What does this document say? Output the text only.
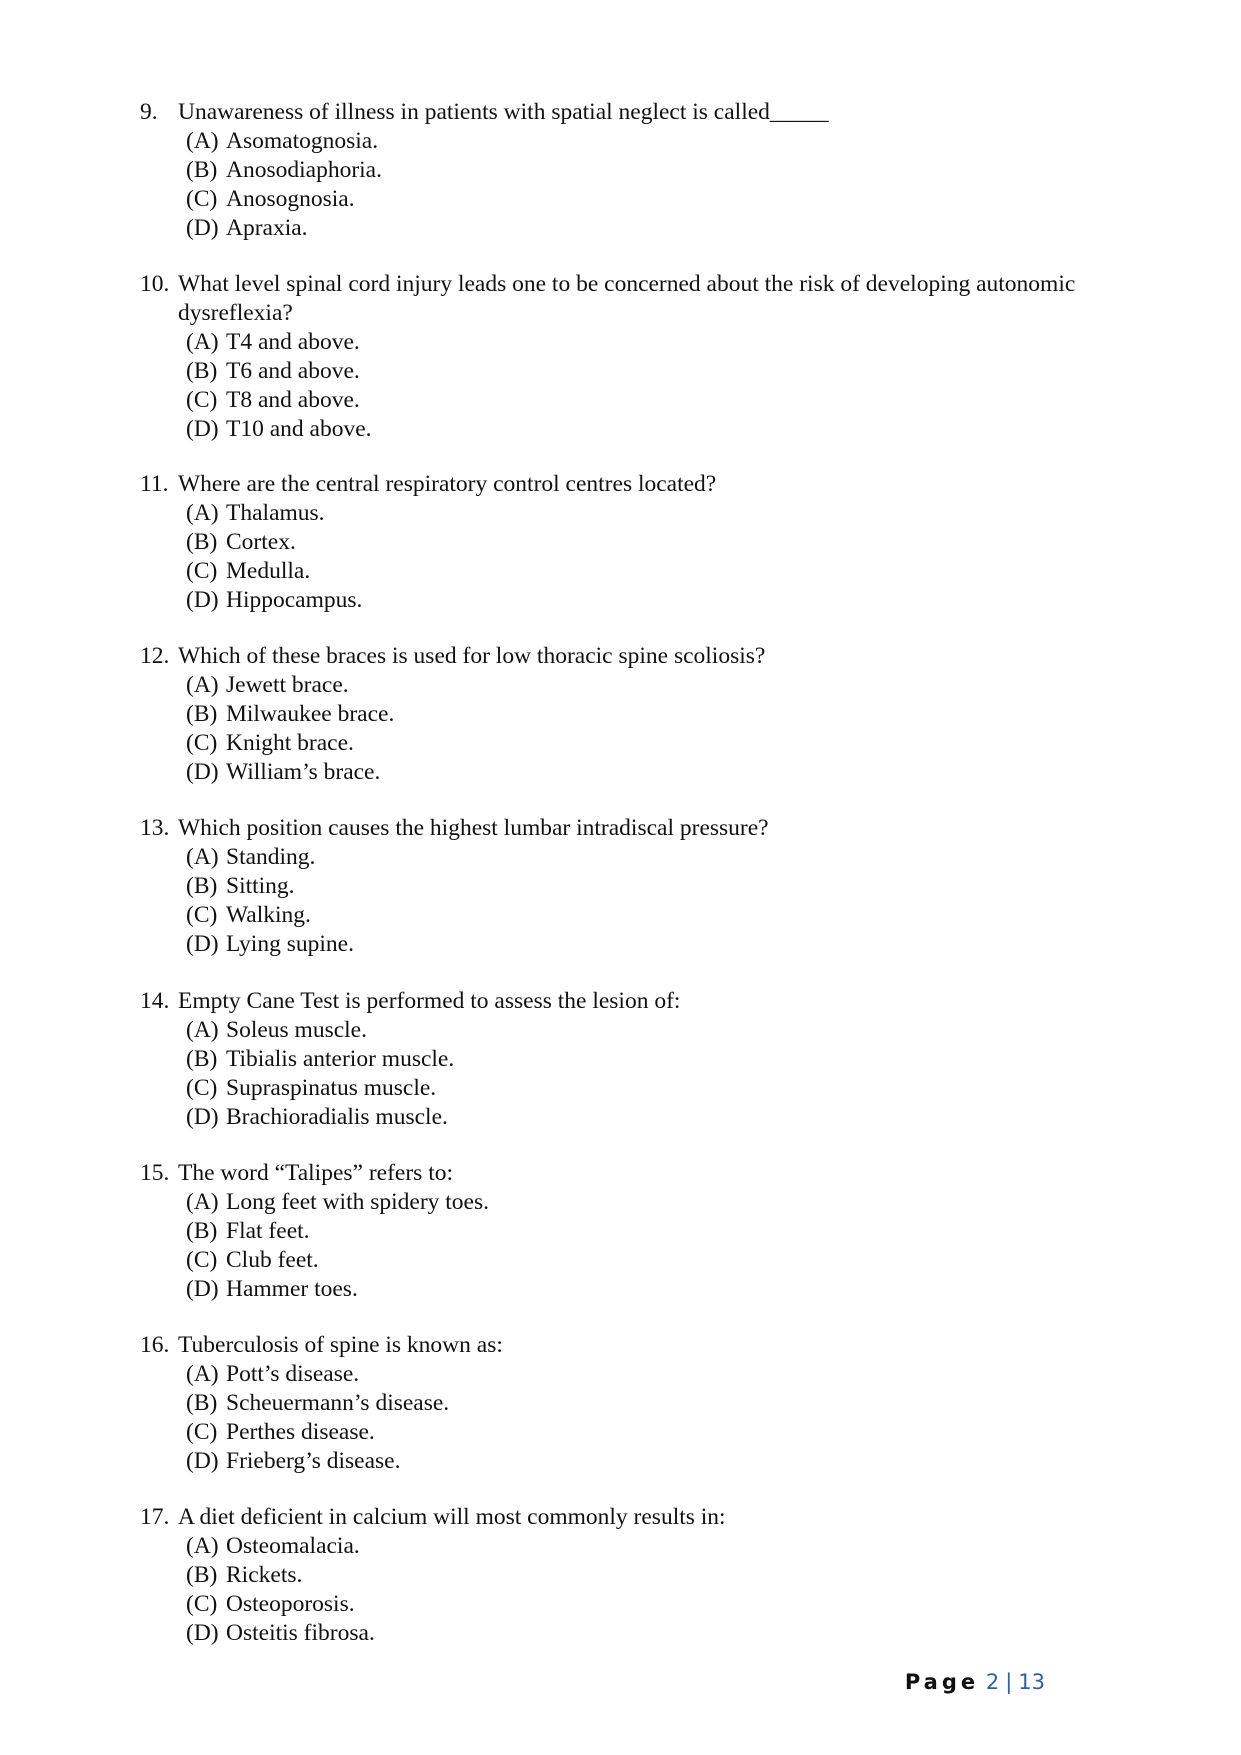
9. Unawareness of illness in patients with spatial neglect is called_____
(A) Asomatognosia.
(B) Anosodiaphoria.
(C) Anosognosia.
(D) Apraxia.
10. What level spinal cord injury leads one to be concerned about the risk of developing autonomic dysreflexia?
(A) T4 and above.
(B) T6 and above.
(C) T8 and above.
(D) T10 and above.
11. Where are the central respiratory control centres located?
(A) Thalamus.
(B) Cortex.
(C) Medulla.
(D) Hippocampus.
12. Which of these braces is used for low thoracic spine scoliosis?
(A) Jewett brace.
(B) Milwaukee brace.
(C) Knight brace.
(D) William’s brace.
13. Which position causes the highest lumbar intradiscal pressure?
(A) Standing.
(B) Sitting.
(C) Walking.
(D) Lying supine.
14. Empty Cane Test is performed to assess the lesion of:
(A) Soleus muscle.
(B) Tibialis anterior muscle.
(C) Supraspinatus muscle.
(D) Brachioradialis muscle.
15. The word “Talipes” refers to:
(A) Long feet with spidery toes.
(B) Flat feet.
(C) Club feet.
(D) Hammer toes.
16. Tuberculosis of spine is known as:
(A) Pott’s disease.
(B) Scheuermann’s disease.
(C) Perthes disease.
(D) Frieberg’s disease.
17. A diet deficient in calcium will most commonly results in:
(A) Osteomalacia.
(B) Rickets.
(C) Osteoporosis.
(D) Osteitis fibrosa.
Page 2 | 13
